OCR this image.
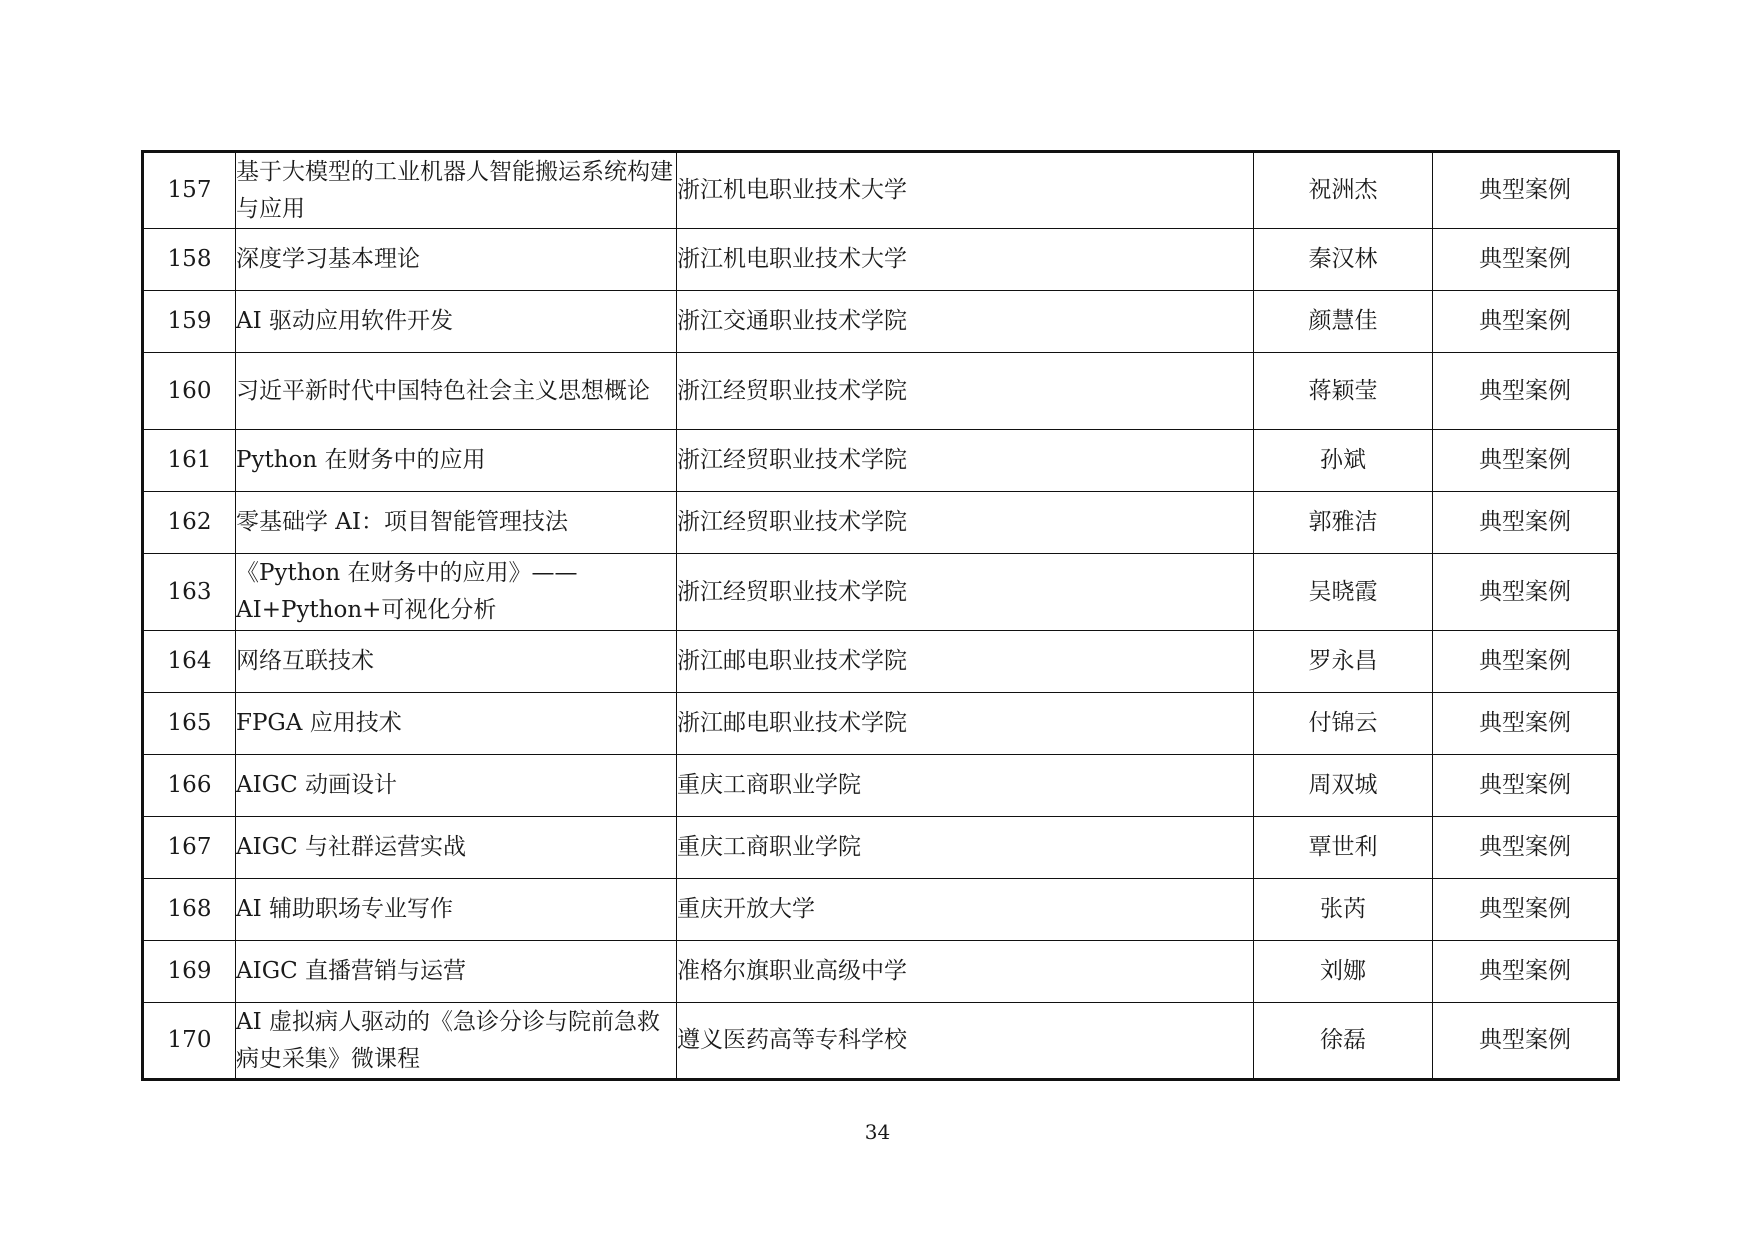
157	基于大模型的工业机器人智能搬运系统构建与应用	浙江机电职业技术大学	祝洲杰	典型案例
158	深度学习基本理论	浙江机电职业技术大学	秦汉林	典型案例
159	AI 驱动应用软件开发	浙江交通职业技术学院	颜慧佳	典型案例
160	习近平新时代中国特色社会主义思想概论	浙江经贸职业技术学院	蒋颖莹	典型案例
161	Python 在财务中的应用	浙江经贸职业技术学院	孙斌	典型案例
162	零基础学 AI：项目智能管理技法	浙江经贸职业技术学院	郭雅洁	典型案例
163	《Python 在财务中的应用》——AI+Python+可视化分析	浙江经贸职业技术学院	吴晓霞	典型案例
164	网络互联技术	浙江邮电职业技术学院	罗永昌	典型案例
165	FPGA 应用技术	浙江邮电职业技术学院	付锦云	典型案例
166	AIGC 动画设计	重庆工商职业学院	周双城	典型案例
167	AIGC 与社群运营实战	重庆工商职业学院	覃世利	典型案例
168	AI 辅助职场专业写作	重庆开放大学	张芮	典型案例
169	AIGC 直播营销与运营	准格尔旗职业高级中学	刘娜	典型案例
170	AI 虚拟病人驱动的《急诊分诊与院前急救病史采集》微课程	遵义医药高等专科学校	徐磊	典型案例
34
